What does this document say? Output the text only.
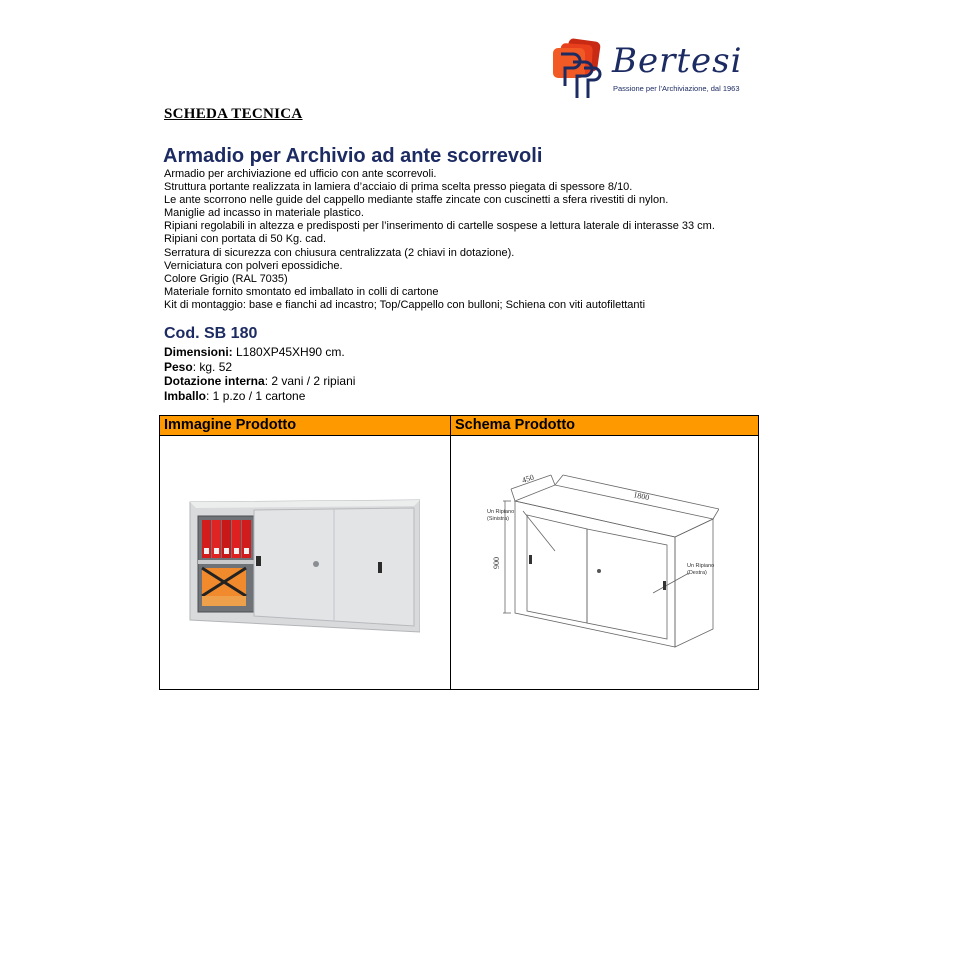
Bertesi
Passione per l'Archiviazione, dal 1963
SCHEDA TECNICA
Armadio per Archivio ad ante scorrevoli
Armadio per archiviazione ed ufficio con ante scorrevoli.
Struttura portante realizzata in lamiera d’acciaio di prima scelta presso piegata di spessore 8/10.
Le ante scorrono nelle guide del cappello mediante staffe zincate con cuscinetti a sfera rivestiti di nylon.
Maniglie ad incasso in materiale plastico.
Ripiani regolabili in altezza e predisposti per l’inserimento di cartelle sospese a lettura laterale di interasse 33 cm.
Ripiani con portata di 50 Kg. cad.
Serratura di sicurezza con chiusura centralizzata (2 chiavi in dotazione).
Verniciatura con polveri epossidiche.
Colore Grigio (RAL 7035)
Materiale fornito smontato ed imballato in colli di cartone
Kit di montaggio: base e fianchi ad incastro; Top/Cappello con bulloni; Schiena con viti autofilettanti
Cod. SB 180
Dimensioni: L180XP45XH90 cm.
Peso: kg. 52
Dotazione interna: 2 vani / 2 ripiani
Imballo: 1 p.zo / 1 cartone
Immagine Prodotto	Schema Prodotto
450
1800
900
Un Ripiano
(Sinistra)
Un Ripiano
(Destra)
